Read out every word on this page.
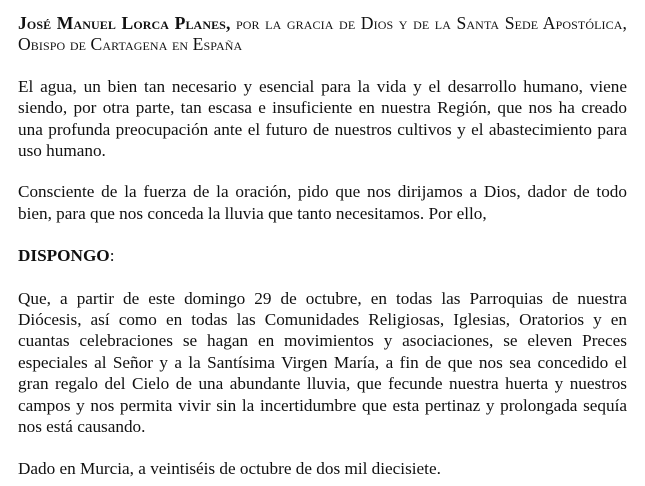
José Manuel Lorca Planes, por la gracia de Dios y de la Santa Sede Apostólica, Obispo de Cartagena en España

El agua, un bien tan necesario y esencial para la vida y el desarrollo humano, viene siendo, por otra parte, tan escasa e insuficiente en nuestra Región, que nos ha creado una profunda preocupación ante el futuro de nuestros cultivos y el abastecimiento para uso humano.

Consciente de la fuerza de la oración, pido que nos dirijamos a Dios, dador de todo bien, para que nos conceda la lluvia que tanto necesitamos. Por ello,

DISPONGO:

Que, a partir de este domingo 29 de octubre, en todas las Parroquias de nuestra Diócesis, así como en todas las Comunidades Religiosas, Iglesias, Oratorios y en cuantas celebraciones se hagan en movimientos y asociaciones, se eleven Preces especiales al Señor y a la Santísima Virgen María, a fin de que nos sea concedido el gran regalo del Cielo de una abundante lluvia, que fecunde nuestra huerta y nuestros campos y nos permita vivir sin la incertidumbre que esta pertinaz y prolongada sequía nos está causando.

Dado en Murcia, a veintiséis de octubre de dos mil diecisiete.
